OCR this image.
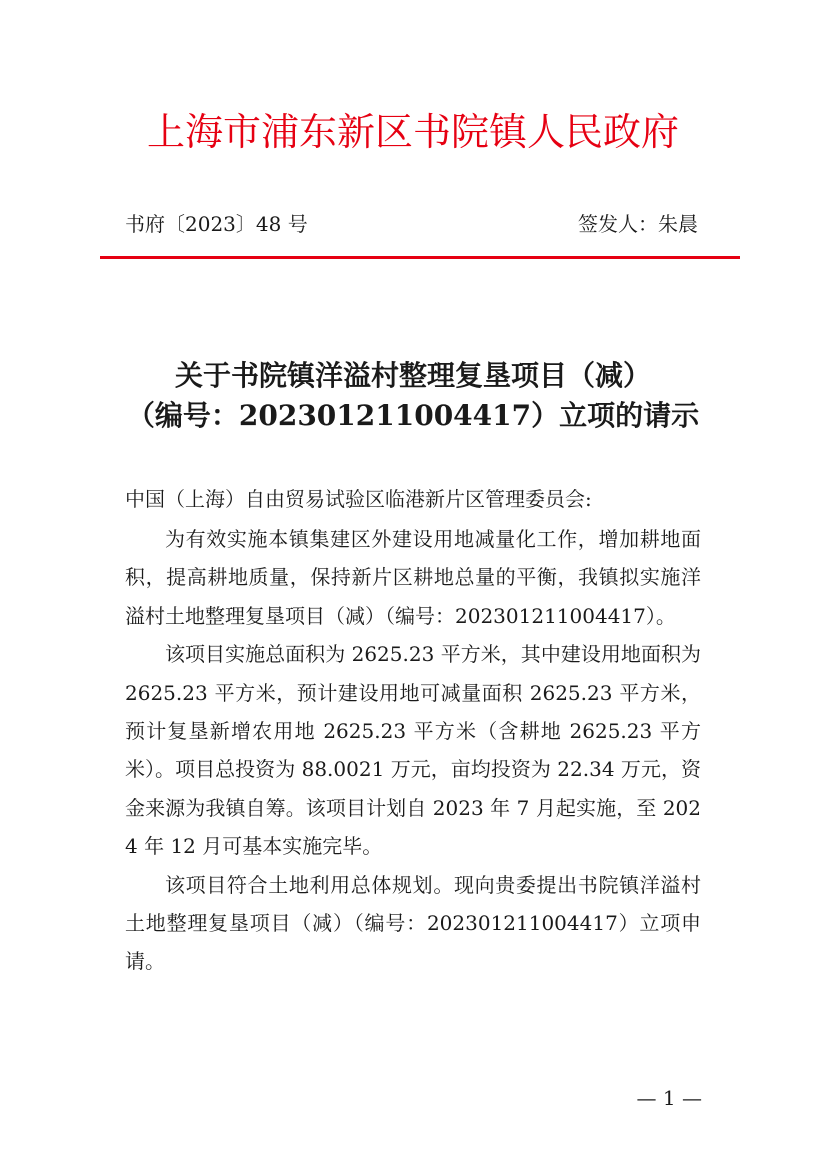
上海市浦东新区书院镇人民政府
书府〔2023〕48 号	签发人：朱晨
关于书院镇洋溢村整理复垦项目（减）
（编号：202301211004417）立项的请示
中国（上海）自由贸易试验区临港新片区管理委员会:

为有效实施本镇集建区外建设用地减量化工作，增加耕地面积，提高耕地质量，保持新片区耕地总量的平衡，我镇拟实施洋溢村土地整理复垦项目（减）（编号：202301211004417）。

该项目实施总面积为 2625.23 平方米，其中建设用地面积为 2625.23 平方米，预计建设用地可减量面积 2625.23 平方米，预计复垦新增农用地 2625.23 平方米（含耕地 2625.23 平方米）。项目总投资为 88.0021 万元，亩均投资为 22.34 万元，资金来源为我镇自筹。该项目计划自 2023 年 7 月起实施，至 2024 年 12 月可基本实施完毕。

该项目符合土地利用总体规划。现向贵委提出书院镇洋溢村土地整理复垦项目（减）（编号：202301211004417）立项申请。

— 1 —
